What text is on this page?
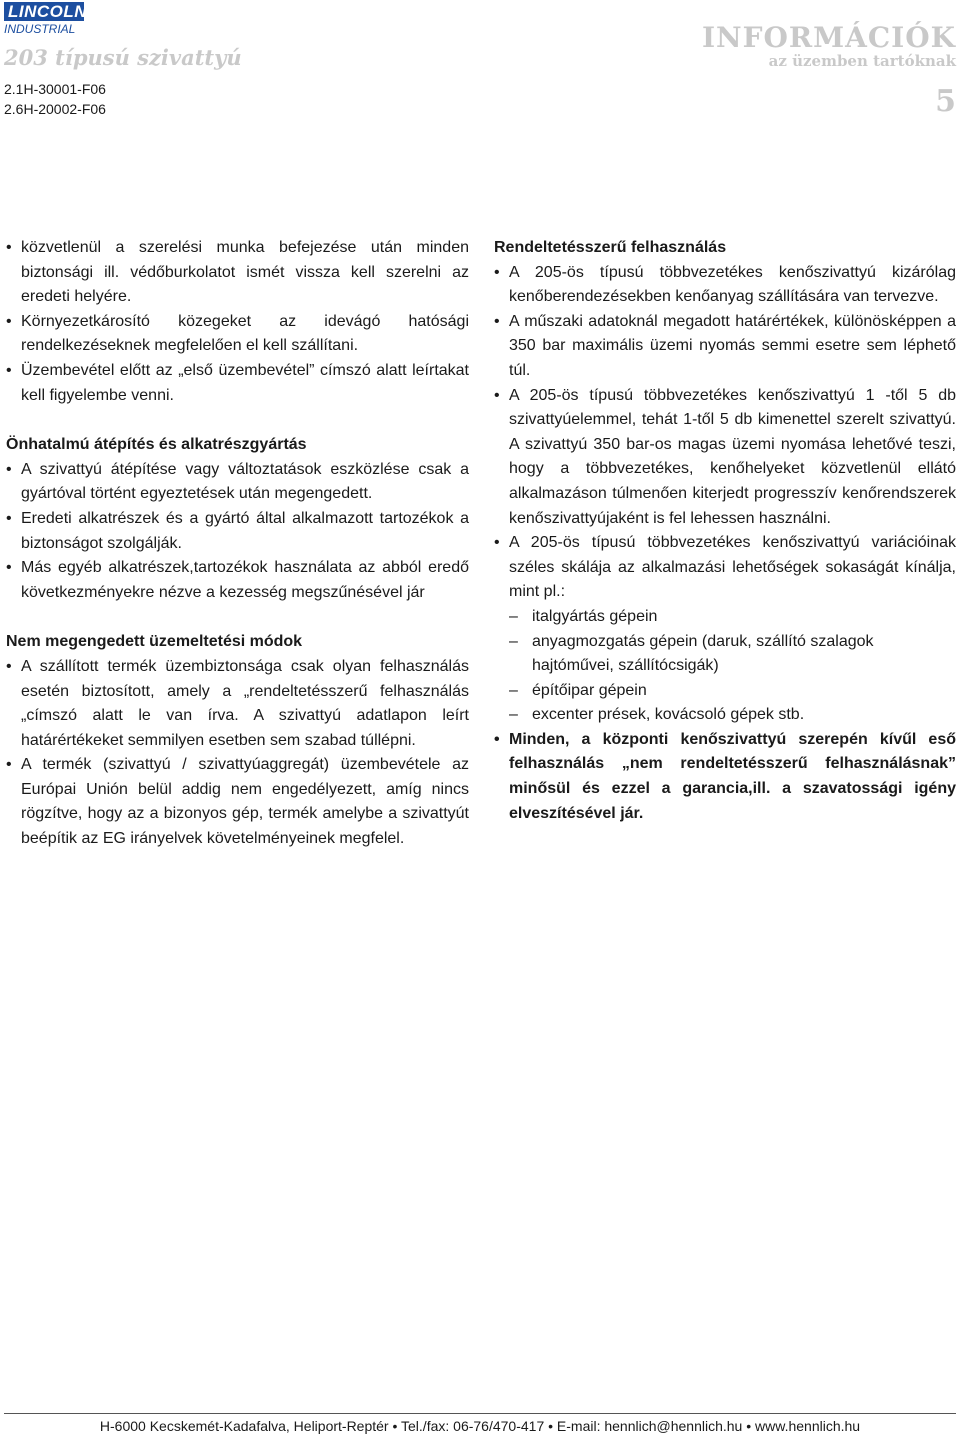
LINCOLN
INDUSTRIAL
203 típusú szivattyú
2.1H-30001-F06
2.6H-20002-F06
INFORMÁCIÓK
az üzemben tartóknak
5
• közvetlenül a szerelési munka befejezése után minden biztonsági ill. védőburkolatot ismét vissza kell szerelni az eredeti helyére.
• Környezetkárosító közegeket az idevágó hatósági rendelkezéseknek megfelelően el kell szállítani.
• Üzembevétel előtt az „első üzembevétel” címszó alatt leírtakat kell figyelembe venni.
Önhatalmú átépítés és alkatrészgyártás
• A szivattyú átépítése vagy változtatások eszközlése csak a gyártóval történt egyeztetések után megengedett.
• Eredeti alkatrészek és a gyártó által alkalmazott tartozékok a biztonságot szolgálják.
• Más egyéb alkatrészek,tartozékok használata az abból eredő következményekre nézve a kezesség megszűnésével jár
Nem megengedett üzemeltetési módok
• A szállított termék üzembiztonsága csak olyan felhasználás esetén biztosított, amely a „rendeltetésszerű felhasználás „címszó alatt le van írva. A szivattyú adatlapon leírt határértékeket semmilyen esetben sem szabad túllépni.
• A termék (szivattyú / szivattyúaggregát) üzembevétele az Európai Unión belül addig nem engedélyezett, amíg nincs rögzítve, hogy az a bizonyos gép, termék amelybe a szivattyút beépítik az EG irányelvek követelményeinek megfelel.
Rendeltetésszerű felhasználás
• A 205-ös típusú többvezetékes kenőszivattyú kizárólag kenőberendezésekben kenőanyag szállítására van tervezve.
• A műszaki adatoknál megadott határértékek, különösképpen a 350 bar maximális üzemi nyomás semmi esetre sem léphető túl.
• A 205-ös típusú többvezetékes kenőszivattyú 1 -től 5 db szivattyúelemmel, tehát 1-től 5 db kimenettel szerelt szivattyú. A szivattyú 350 bar-os magas üzemi nyomása lehetővé teszi, hogy a többvezetékes, kenőhelyeket közvetlenül ellátó alkalmazáson túlmenően kiterjedt progresszív kenőrendszerek kenőszivattyújaként is fel lehessen használni.
• A 205-ös típusú többvezetékes kenőszivattyú variációinak széles skálája az alkalmazási lehetőségek sokaságát kínálja, mint pl.:
– italgyártás gépein
– anyagmozgatás gépein (daruk, szállító szalagok hajtóművei, szállítócsigák)
– építőipar gépein
– excenter prések, kovácsoló gépek stb.
• Minden, a központi kenőszivattyú szerepén kívűl eső felhasználás „nem rendeltetésszerű felhasználásnak” minősül és ezzel a garancia,ill. a szavatossági igény elveszítésével jár.
H-6000 Kecskemét-Kadafalva, Heliport-Reptér • Tel./fax: 06-76/470-417 • E-mail: hennlich@hennlich.hu • www.hennlich.hu
